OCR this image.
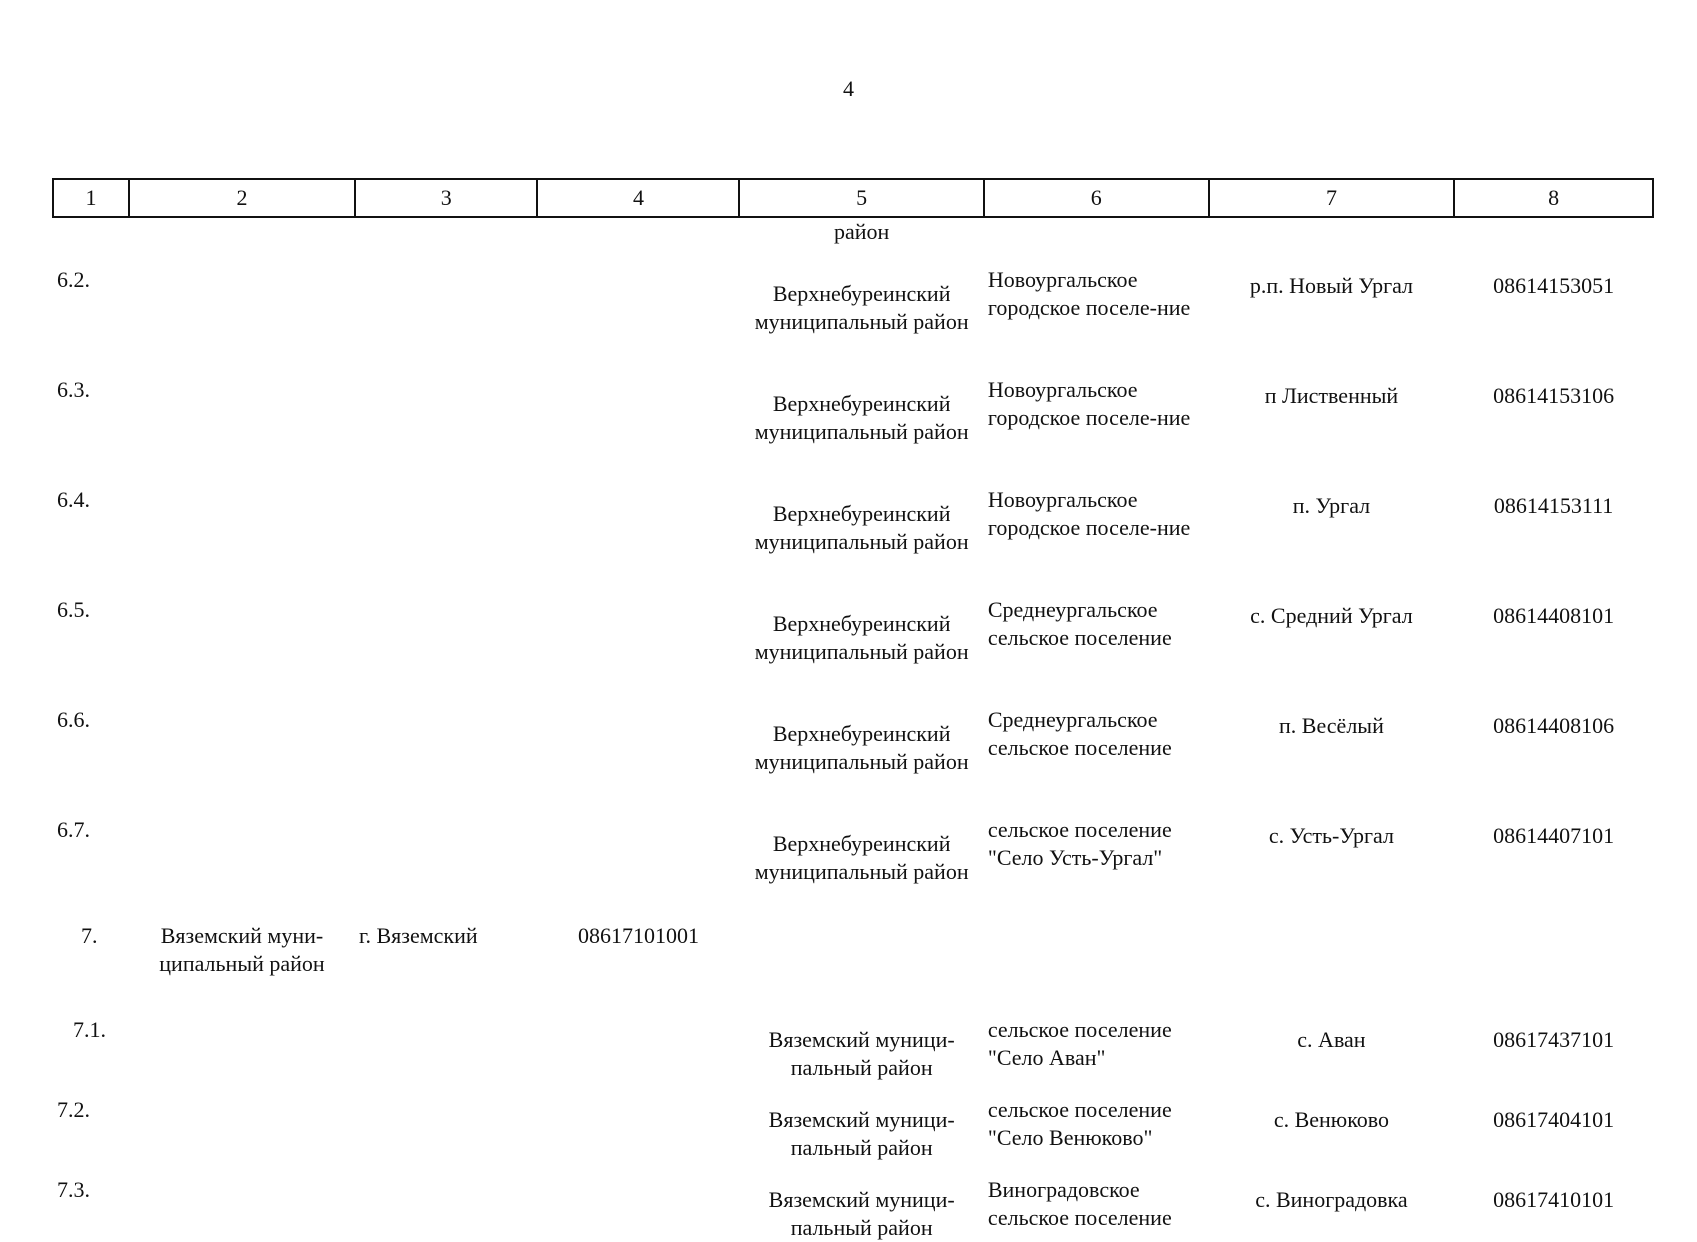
4
1	2	3	4	5	6	7	8
				район			
6.2.				Верхнебуреинский муниципальный район	Новоургальское городское поселе-ние	р.п. Новый Ургал	08614153051
6.3.				Верхнебуреинский муниципальный район	Новоургальское городское поселе-ние	п Лиственный	08614153106
6.4.				Верхнебуреинский муниципальный район	Новоургальское городское поселе-ние	п. Ургал	08614153111
6.5.				Верхнебуреинский муниципальный район	Среднеургальское сельское поселение	с. Средний Ургал	08614408101
6.6.				Верхнебуреинский муниципальный район	Среднеургальское сельское поселение	п. Весёлый	08614408106
6.7.				Верхнебуреинский муниципальный район	сельское поселение "Село Усть-Ургал"	с. Усть-Ургал	08614407101
7.	Вяземский муни-ципальный район	г. Вяземский	08617101001				
7.1.				Вяземский муници-пальный район	сельское поселение "Село Аван"	с. Аван	08617437101
7.2.				Вяземский муници-пальный район	сельское поселение "Село Венюково"	с. Венюково	08617404101
7.3.				Вяземский муници-пальный район	Виноградовское сельское поселение	с. Виноградовка	08617410101
